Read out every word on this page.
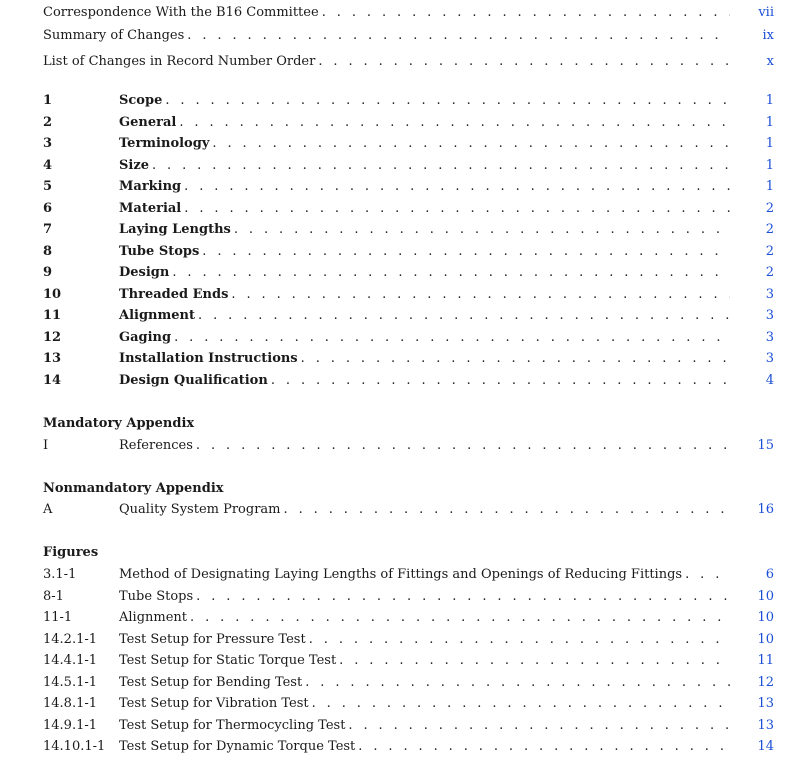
Correspondence With the B16 Committee . . .	vii
Summary of Changes . . .	ix
List of Changes in Record Number Order . . .	x
1	Scope . . .	1
2	General . . .	1
3	Terminology . . .	1
4	Size . . .	1
5	Marking . . .	1
6	Material . . .	2
7	Laying Lengths . . .	2
8	Tube Stops . . .	2
9	Design . . .	2
10	Threaded Ends . . .	3
11	Alignment . . .	3
12	Gaging . . .	3
13	Installation Instructions . . .	3
14	Design Qualification . . .	4
Mandatory Appendix
I	References . . .	15
Nonmandatory Appendix
A	Quality System Program . . .	16
Figures
3.1-1	Method of Designating Laying Lengths of Fittings and Openings of Reducing Fittings . . .	6
8-1	Tube Stops . . .	10
11-1	Alignment . . .	10
14.2.1-1	Test Setup for Pressure Test . . .	10
14.4.1-1	Test Setup for Static Torque Test . . .	11
14.5.1-1	Test Setup for Bending Test . . .	12
14.8.1-1	Test Setup for Vibration Test . . .	13
14.9.1-1	Test Setup for Thermocycling Test . . .	13
14.10.1-1	Test Setup for Dynamic Torque Test . . .	14
